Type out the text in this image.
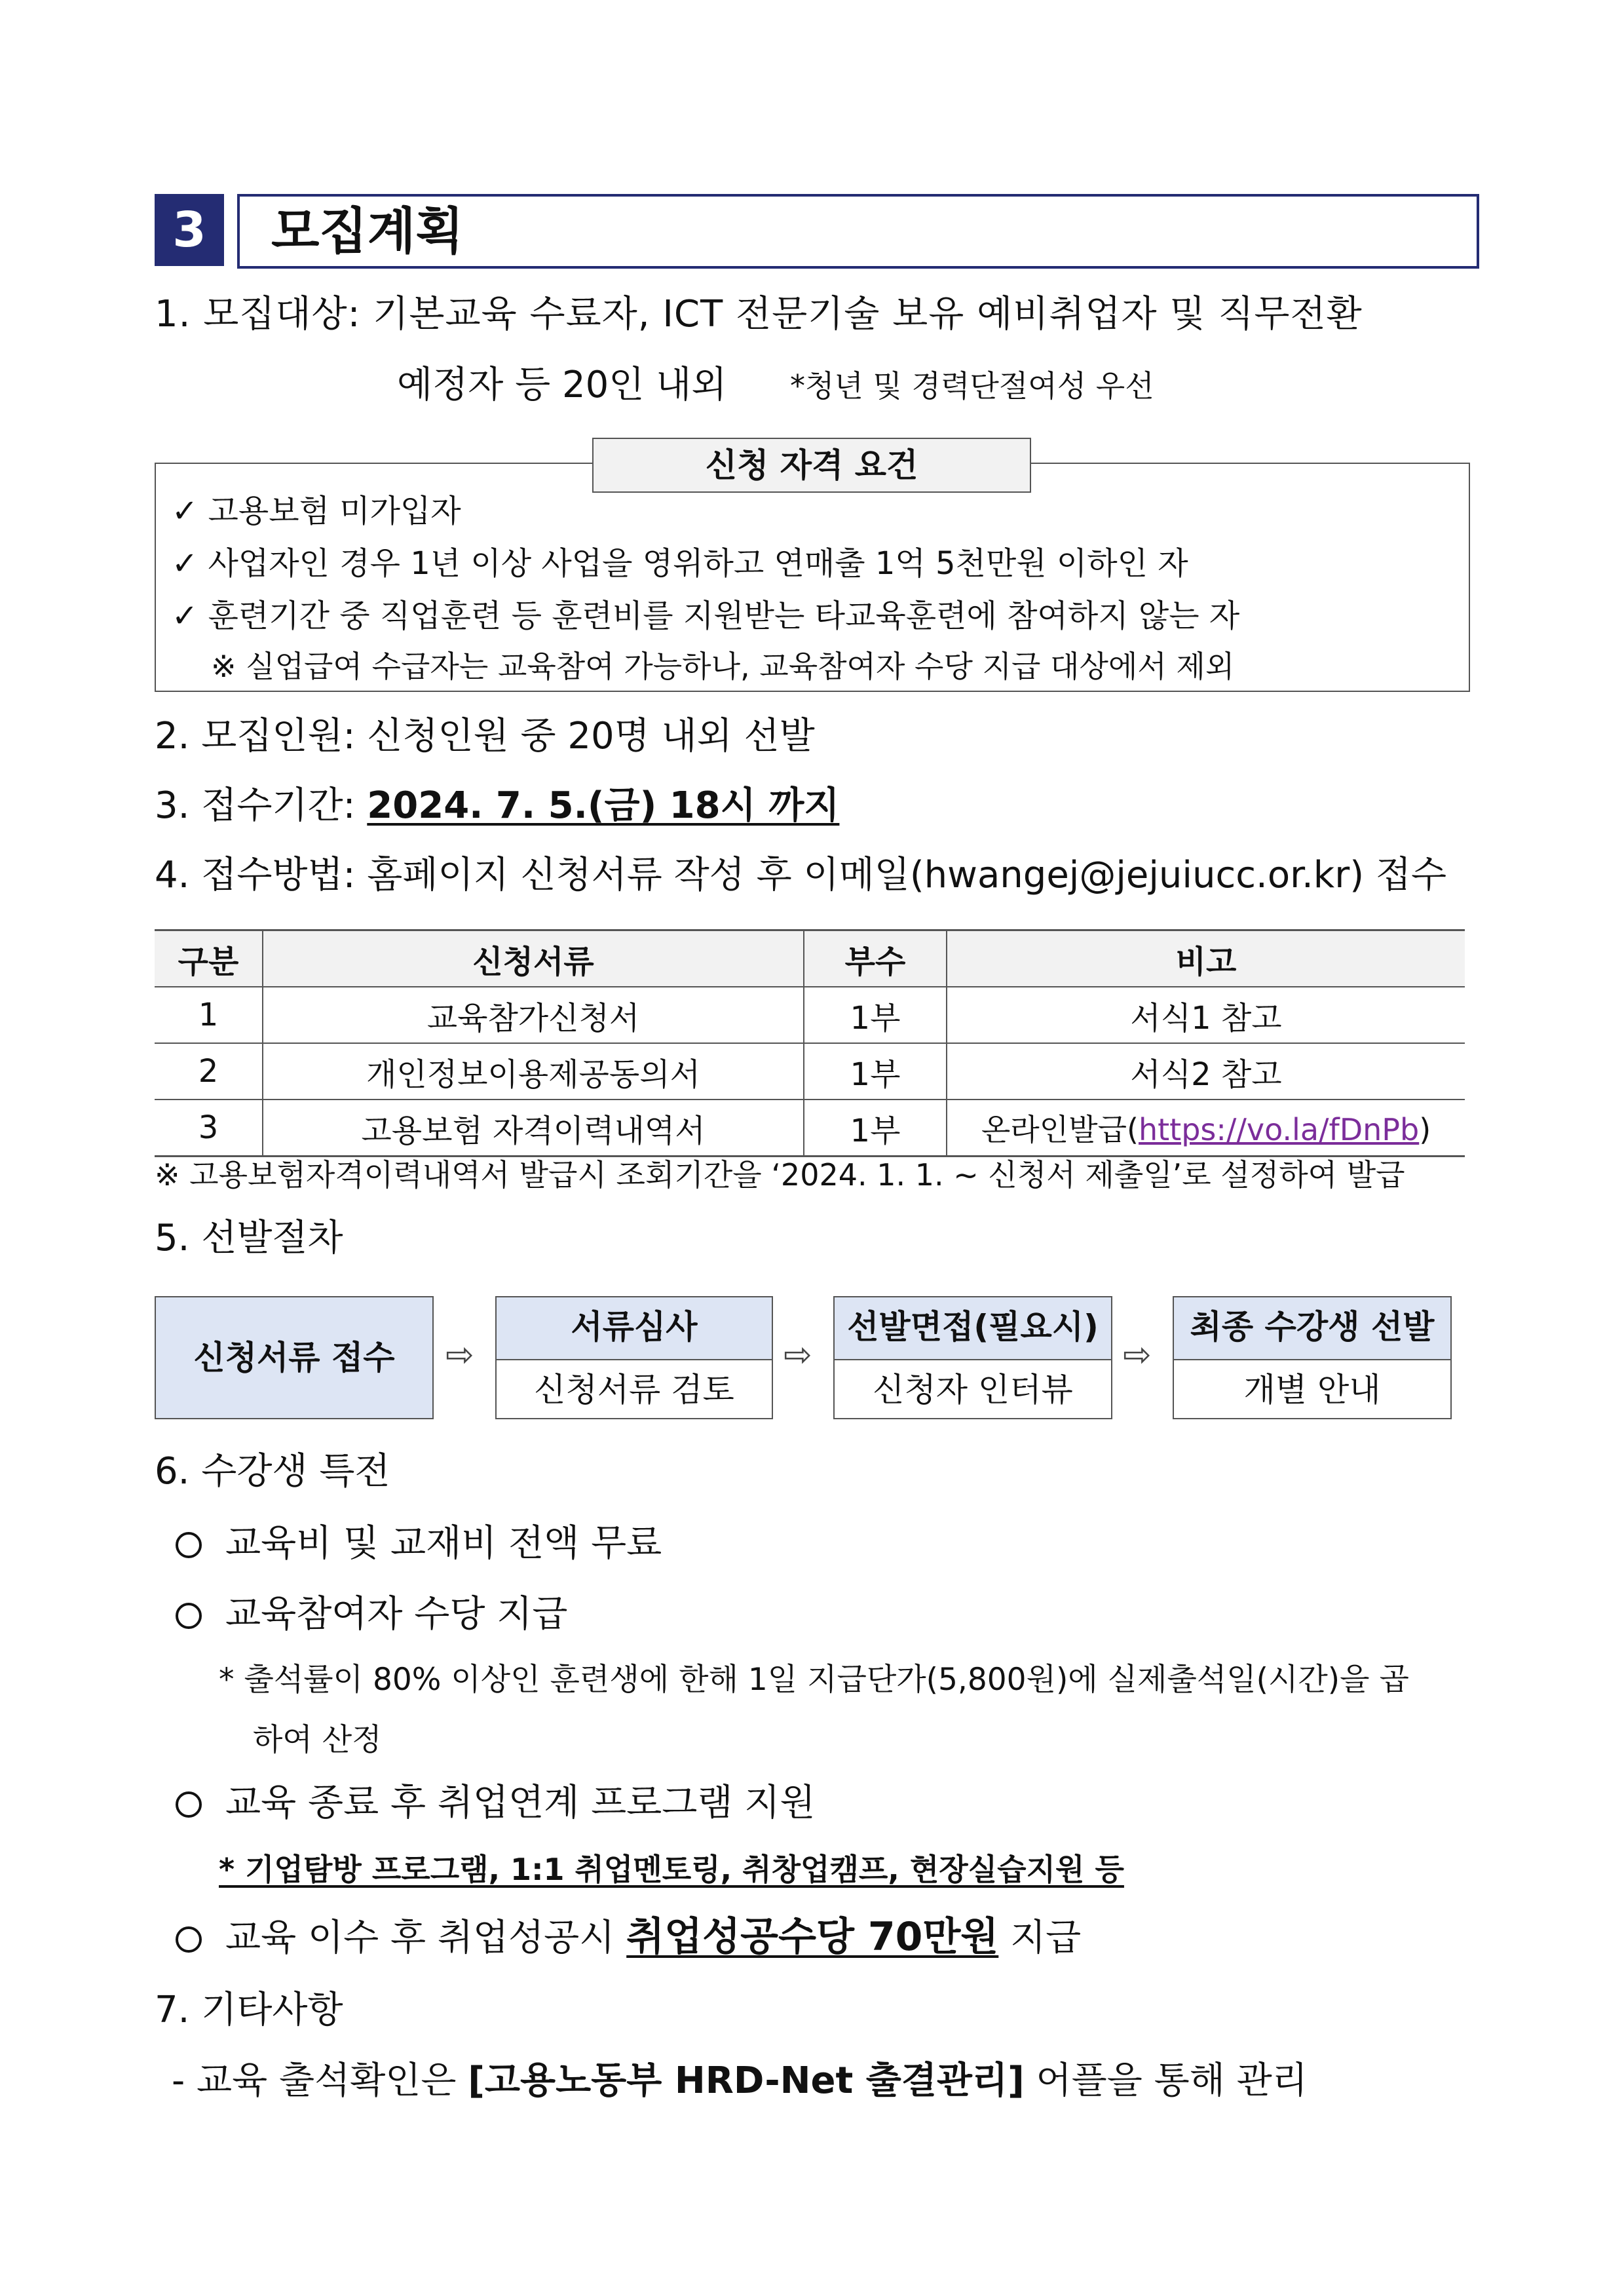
3	모집계획
1. 모집대상: 기본교육 수료자, ICT 전문기술 보유 예비취업자 및 직무전환
예정자 등 20인 내외 *청년 및 경력단절여성 우선
신청 자격 요건
✓ 고용보험 미가입자
✓ 사업자인 경우 1년 이상 사업을 영위하고 연매출 1억 5천만원 이하인 자
✓ 훈련기간 중 직업훈련 등 훈련비를 지원받는 타교육훈련에 참여하지 않는 자
※ 실업급여 수급자는 교육참여 가능하나, 교육참여자 수당 지급 대상에서 제외
2. 모집인원: 신청인원 중 20명 내외 선발
3. 접수기간: 2024. 7. 5.(금) 18시 까지
4. 접수방법: 홈페이지 신청서류 작성 후 이메일(hwangej@jejuiucc.or.kr) 접수
구분	신청서류	부수	비고
1	교육참가신청서	1부	서식1 참고
2	개인정보이용제공동의서	1부	서식2 참고
3	고용보험 자격이력내역서	1부	온라인발급(https://vo.la/fDnPb)
※ 고용보험자격이력내역서 발급시 조회기간을 ‘2024. 1. 1. ~ 신청서 제출일’로 설정하여 발급
5. 선발절차
신청서류 접수	⇨
서류심사
신청서류 검토
⇨
선발면접(필요시)
신청자 인터뷰
⇨
최종 수강생 선발
개별 안내
6. 수강생 특전
교육비 및 교재비 전액 무료
교육참여자 수당 지급
* 출석률이 80% 이상인 훈련생에 한해 1일 지급단가(5,800원)에 실제출석일(시간)을 곱
하여 산정
교육 종료 후 취업연계 프로그램 지원
* 기업탐방 프로그램, 1:1 취업멘토링, 취창업캠프, 현장실습지원 등
교육 이수 후 취업성공시 취업성공수당 70만원 지급
7. 기타사항
- 교육 출석확인은 [고용노동부 HRD-Net 출결관리] 어플을 통해 관리
